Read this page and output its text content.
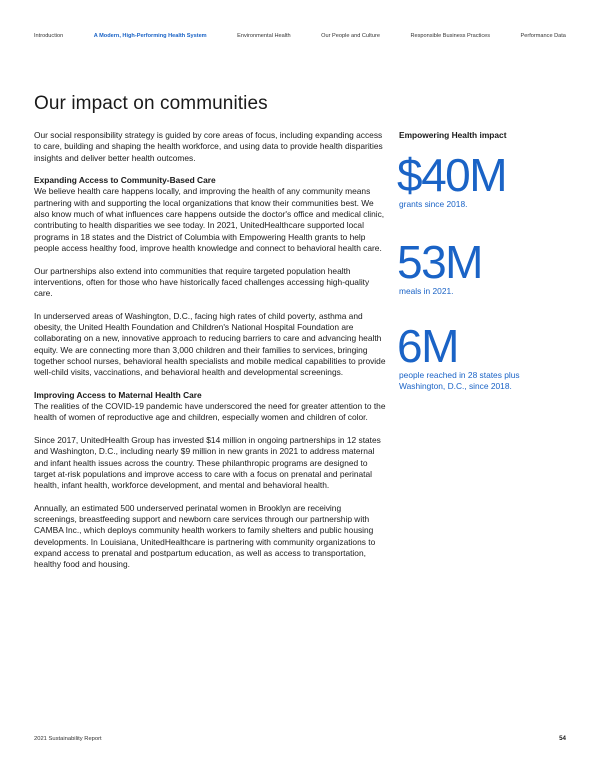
Introduction	A Modern, High-Performing Health System	Environmental Health	Our People and Culture	Responsible Business Practices	Performance Data
Our impact on communities

Our social responsibility strategy is guided by core areas of focus, including expanding access to care, building and shaping the health workforce, and using data to provide health disparities insights and deliver better health outcomes.

Expanding Access to Community-Based Care

We believe health care happens locally, and improving the health of any community means partnering with and supporting the local organizations that know their communities best. We also know much of what influences care happens outside the doctor's office and medical clinic, contributing to health disparities we see today. In 2021, UnitedHealthcare supported local programs in 18 states and the District of Columbia with Empowering Health grants to help people access healthy food, improve health knowledge and connect to behavioral health care.

Our partnerships also extend into communities that require targeted population health interventions, often for those who have historically faced challenges accessing high-quality care.

In underserved areas of Washington, D.C., facing high rates of child poverty, asthma and obesity, the United Health Foundation and Children's National Hospital Foundation are collaborating on a new, innovative approach to reducing barriers to care and advancing health equity. We are connecting more than 3,000 children and their families to services, bringing together school nurses, behavioral health specialists and mobile medical capabilities to provide well-child visits, vaccinations, and behavioral health and developmental screenings.

Improving Access to Maternal Health Care

The realities of the COVID-19 pandemic have underscored the need for greater attention to the health of women of reproductive age and children, especially women and children of color.

Since 2017, UnitedHealth Group has invested $14 million in ongoing partnerships in 12 states and Washington, D.C., including nearly $9 million in new grants in 2021 to address maternal and infant health issues across the country. These philanthropic programs are designed to target at-risk populations and improve access to care with a focus on prenatal and perinatal health, infant health, workforce development, and mental and behavioral health.

Annually, an estimated 500 underserved perinatal women in Brooklyn are receiving screenings, breastfeeding support and newborn care services through our partnership with CAMBA Inc., which deploys community health workers to family shelters and public housing developments. In Louisiana, UnitedHealthcare is partnering with community organizations to expand access to prenatal and postpartum education, as well as access to transportation, healthy food and housing.

Empowering Health impact
$40M
grants since 2018.
53M
meals in 2021.
6M
people reached in 28 states plus Washington, D.C., since 2018.
2021 Sustainability Report	54
